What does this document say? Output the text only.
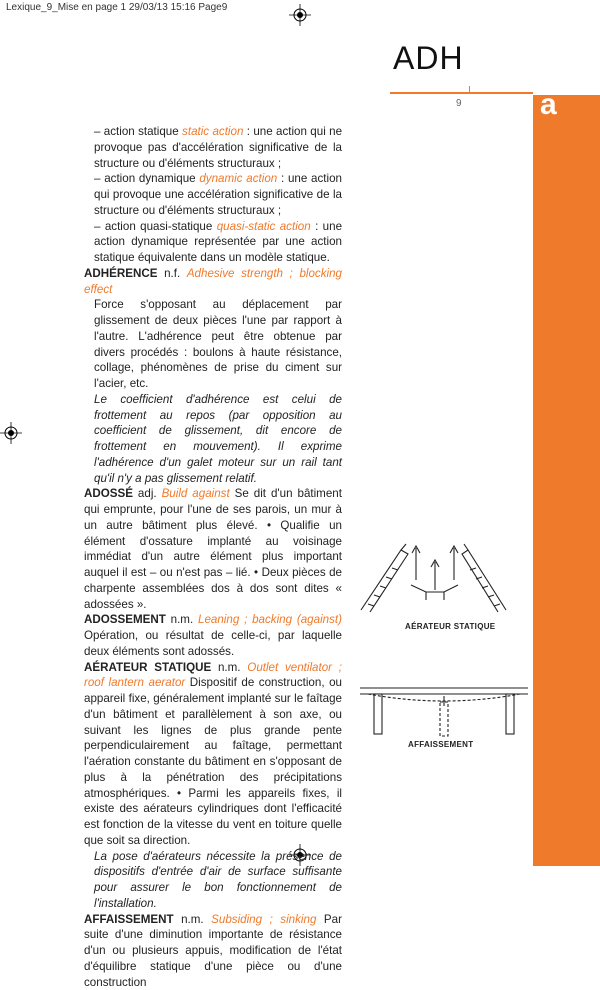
Lexique_9_Mise en page 1 29/03/13 15:16 Page9
ADH
9	a

– action statique static action : une action qui ne provoque pas d'accélération significative de la structure ou d'éléments structuraux ;

– action dynamique dynamic action : une action qui provoque une accélération significative de la structure ou d'éléments structuraux ;

– action quasi-statique quasi-static action : une action dynamique représentée par une action statique équivalente dans un modèle statique.

ADHÉRENCE n.f. Adhesive strength ; blocking effect

Force s'opposant au déplacement par glissement de deux pièces l'une par rapport à l'autre. L'adhérence peut être obtenue par divers procédés : boulons à haute résistance, collage, phénomènes de prise du ciment sur l'acier, etc.

Le coefficient d'adhérence est celui de frottement au repos (par opposition au coefficient de glissement, dit encore de frottement en mouvement). Il exprime l'adhérence d'un galet moteur sur un rail tant qu'il n'y a pas glissement relatif.

ADOSSÉ adj. Build against Se dit d'un bâtiment qui emprunte, pour l'une de ses parois, un mur à un autre bâtiment plus élevé. • Qualifie un élément d'ossature implanté au voisinage immédiat d'un autre élément plus important auquel il est – ou n'est pas – lié. • Deux pièces de charpente assemblées dos à dos sont dites « adossées ».

ADOSSEMENT n.m. Leaning ; backing (against) Opération, ou résultat de celle-ci, par laquelle deux éléments sont adossés.

AÉRATEUR STATIQUE n.m. Outlet ventilator ; roof lantern aerator Dispositif de construction, ou appareil fixe, généralement implanté sur le faîtage d'un bâtiment et parallèlement à son axe, ou suivant les lignes de plus grande pente perpendiculairement au faîtage, permettant l'aération constante du bâtiment en s'opposant de plus à la pénétration des précipitations atmosphériques. • Parmi les appareils fixes, il existe des aérateurs cylindriques dont l'efficacité est fonction de la vitesse du vent en toiture quelle que soit sa direction.

La pose d'aérateurs nécessite la présence de dispositifs d'entrée d'air de surface suffisante pour assurer le bon fonctionnement de l'installation.

AFFAISSEMENT n.m. Subsiding ; sinking Par suite d'une diminution importante de résistance d'un ou plusieurs appuis, modification de l'état d'équilibre statique d'une pièce ou d'une construction

AÉRATEUR STATIQUE
AFFAISSEMENT
